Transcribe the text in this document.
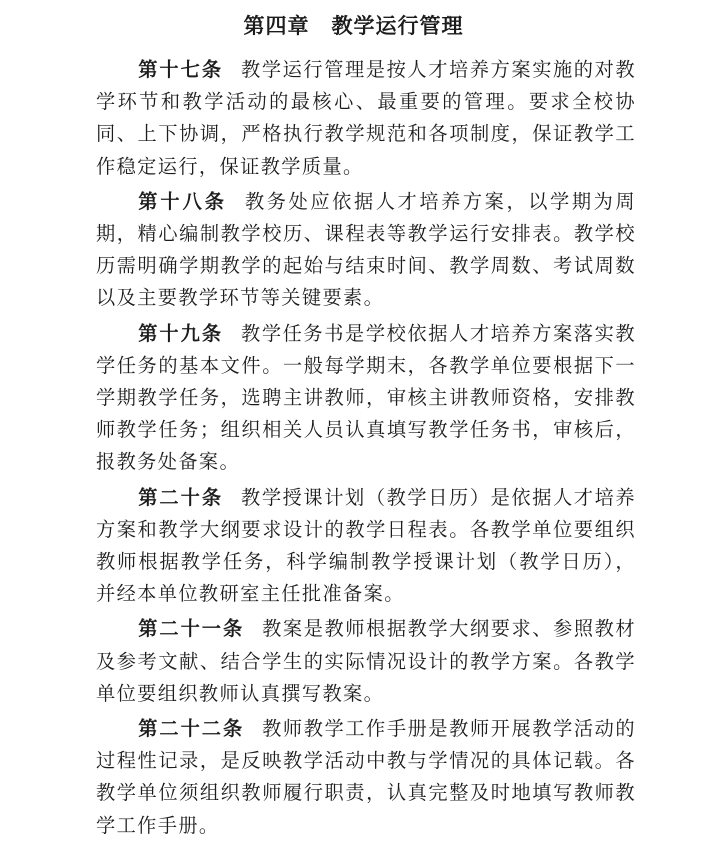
第四章　教学运行管理

第十七条 教学运行管理是按人才培养方案实施的对教学环节和教学活动的最核心、最重要的管理。要求全校协同、上下协调，严格执行教学规范和各项制度，保证教学工作稳定运行，保证教学质量。

第十八条 教务处应依据人才培养方案，以学期为周期，精心编制教学校历、课程表等教学运行安排表。教学校历需明确学期教学的起始与结束时间、教学周数、考试周数以及主要教学环节等关键要素。

第十九条 教学任务书是学校依据人才培养方案落实教学任务的基本文件。一般每学期末，各教学单位要根据下一学期教学任务，选聘主讲教师，审核主讲教师资格，安排教师教学任务；组织相关人员认真填写教学任务书，审核后，报教务处备案。

第二十条 教学授课计划（教学日历）是依据人才培养方案和教学大纲要求设计的教学日程表。各教学单位要组织教师根据教学任务，科学编制教学授课计划（教学日历），并经本单位教研室主任批准备案。

第二十一条 教案是教师根据教学大纲要求、参照教材及参考文献、结合学生的实际情况设计的教学方案。各教学单位要组织教师认真撰写教案。

第二十二条 教师教学工作手册是教师开展教学活动的过程性记录，是反映教学活动中教与学情况的具体记载。各教学单位须组织教师履行职责，认真完整及时地填写教师教学工作手册。
